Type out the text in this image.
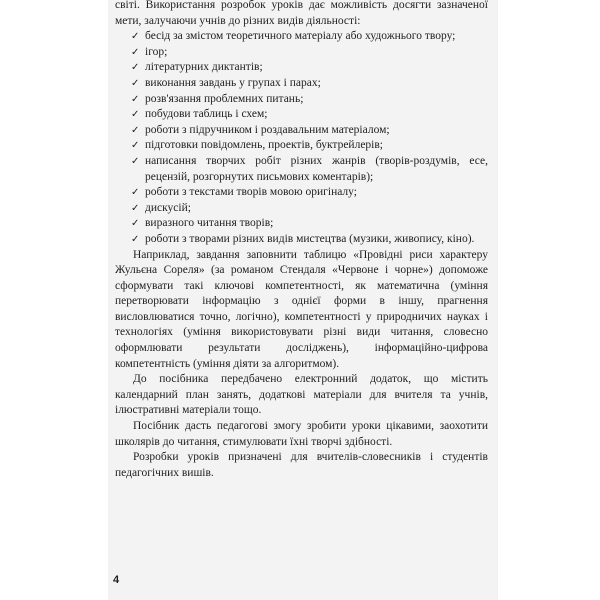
світі. Використання розробок уроків дає можливість досягти зазначеної мети, залучаючи учнів до різних видів діяльності:

✓ бесід за змістом теоретичного матеріалу або художнього твору;
✓ ігор;
✓ літературних диктантів;
✓ виконання завдань у групах і парах;
✓ розв'язання проблемних питань;
✓ побудови таблиць і схем;
✓ роботи з підручником і роздавальним матеріалом;
✓ підготовки повідомлень, проектів, буктрейлерів;
✓ написання творчих робіт різних жанрів (творів-роздумів, есе, рецензій, розгорнутих письмових коментарів);
✓ роботи з текстами творів мовою оригіналу;
✓ дискусій;
✓ виразного читання творів;
✓ роботи з творами різних видів мистецтва (музики, живопису, кіно).

Наприклад, завдання заповнити таблицю «Провідні риси характеру Жульєна Сореля» (за романом Стендаля «Червоне і чорне») допоможе сформувати такі ключові компетентності, як математична (уміння перетворювати інформацію з однієї форми в іншу, прагнення висловлюватися точно, логічно), компетентності у природничих науках і технологіях (уміння використовувати різні види читання, словесно оформлювати результати досліджень), інформаційно-цифрова компетентність (уміння діяти за алгоритмом).

До посібника передбачено електронний додаток, що містить календарний план занять, додаткові матеріали для вчителя та учнів, ілюстративні матеріали тощо.

Посібник дасть педагогові змогу зробити уроки цікавими, заохотити школярів до читання, стимулювати їхні творчі здібності.

Розробки уроків призначені для вчителів-словесників і студентів педагогічних вишів.

4
